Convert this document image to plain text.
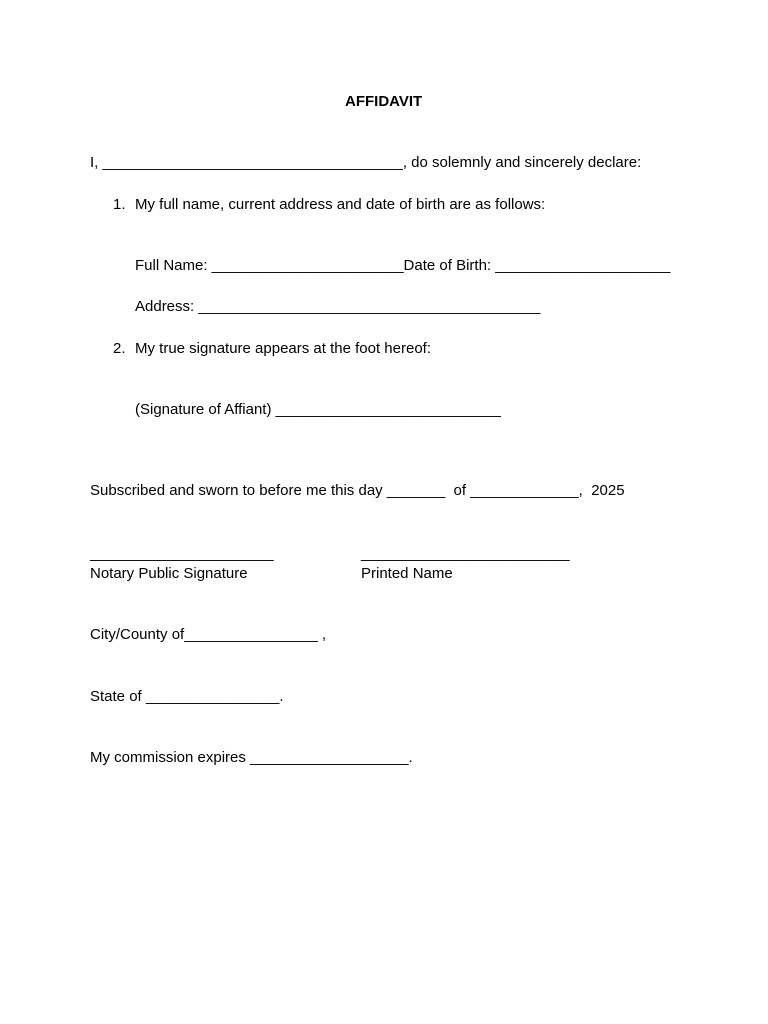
AFFIDAVIT
I, ____________________________________, do solemnly and sincerely declare:
1. My full name, current address and date of birth are as follows:
Full Name: _______________________Date of Birth: _____________________
Address: _________________________________________
2. My true signature appears at the foot hereof:
(Signature of Affiant) ___________________________
Subscribed and sworn to before me this day _______  of _____________,  2025
______________________	_________________________
Notary Public Signature	Printed Name
City/County of________________ ,
State of ________________.
My commission expires ___________________.
